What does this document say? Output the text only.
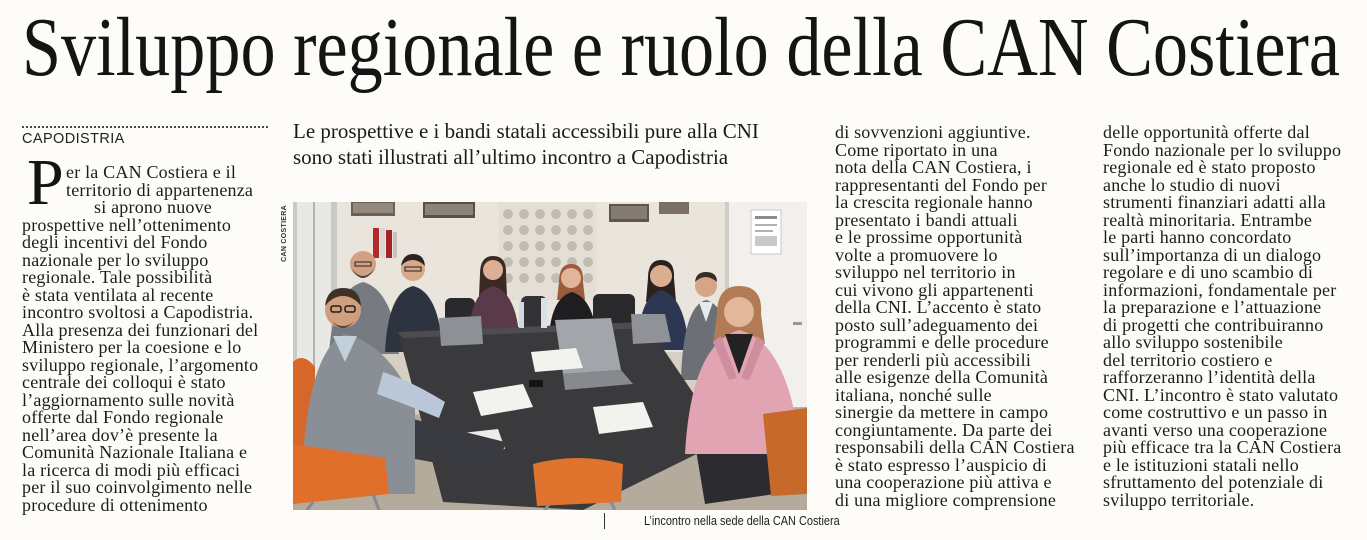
Sviluppo regionale e ruolo della CAN Costiera
CAPODISTRIA
P er la CAN Costiera e il
territorio di appartenenza
si aprono nuove
prospettive nell’ottenimento
degli incentivi del Fondo
nazionale per lo sviluppo
regionale. Tale possibilità
è stata ventilata al recente
incontro svoltosi a Capodistria.
Alla presenza dei funzionari del
Ministero per la coesione e lo
sviluppo regionale, l’argomento
centrale dei colloqui è stato
l’aggiornamento sulle novità
offerte dal Fondo regionale
nell’area dov’è presente la
Comunità Nazionale Italiana e
la ricerca di modi più efficaci
per il suo coinvolgimento nelle
procedure di ottenimento
Le prospettive e i bandi statali accessibili pure alla CNI
sono stati illustrati all’ultimo incontro a Capodistria
CAN COSTIERA
L’incontro nella sede della CAN Costiera
di sovvenzioni aggiuntive.
Come riportato in una
nota della CAN Costiera, i
rappresentanti del Fondo per
la crescita regionale hanno
presentato i bandi attuali
e le prossime opportunità
volte a promuovere lo
sviluppo nel territorio in
cui vivono gli appartenenti
della CNI. L’accento è stato
posto sull’adeguamento dei
programmi e delle procedure
per renderli più accessibili
alle esigenze della Comunità
italiana, nonché sulle
sinergie da mettere in campo
congiuntamente. Da parte dei
responsabili della CAN Costiera
è stato espresso l’auspicio di
una cooperazione più attiva e
di una migliore comprensione
delle opportunità offerte dal
Fondo nazionale per lo sviluppo
regionale ed è stato proposto
anche lo studio di nuovi
strumenti finanziari adatti alla
realtà minoritaria. Entrambe
le parti hanno concordato
sull’importanza di un dialogo
regolare e di uno scambio di
informazioni, fondamentale per
la preparazione e l’attuazione
di progetti che contribuiranno
allo sviluppo sostenibile
del territorio costiero e
rafforzeranno l’identità della
CNI. L’incontro è stato valutato
come costruttivo e un passo in
avanti verso una cooperazione
più efficace tra la CAN Costiera
e le istituzioni statali nello
sfruttamento del potenziale di
sviluppo territoriale.
